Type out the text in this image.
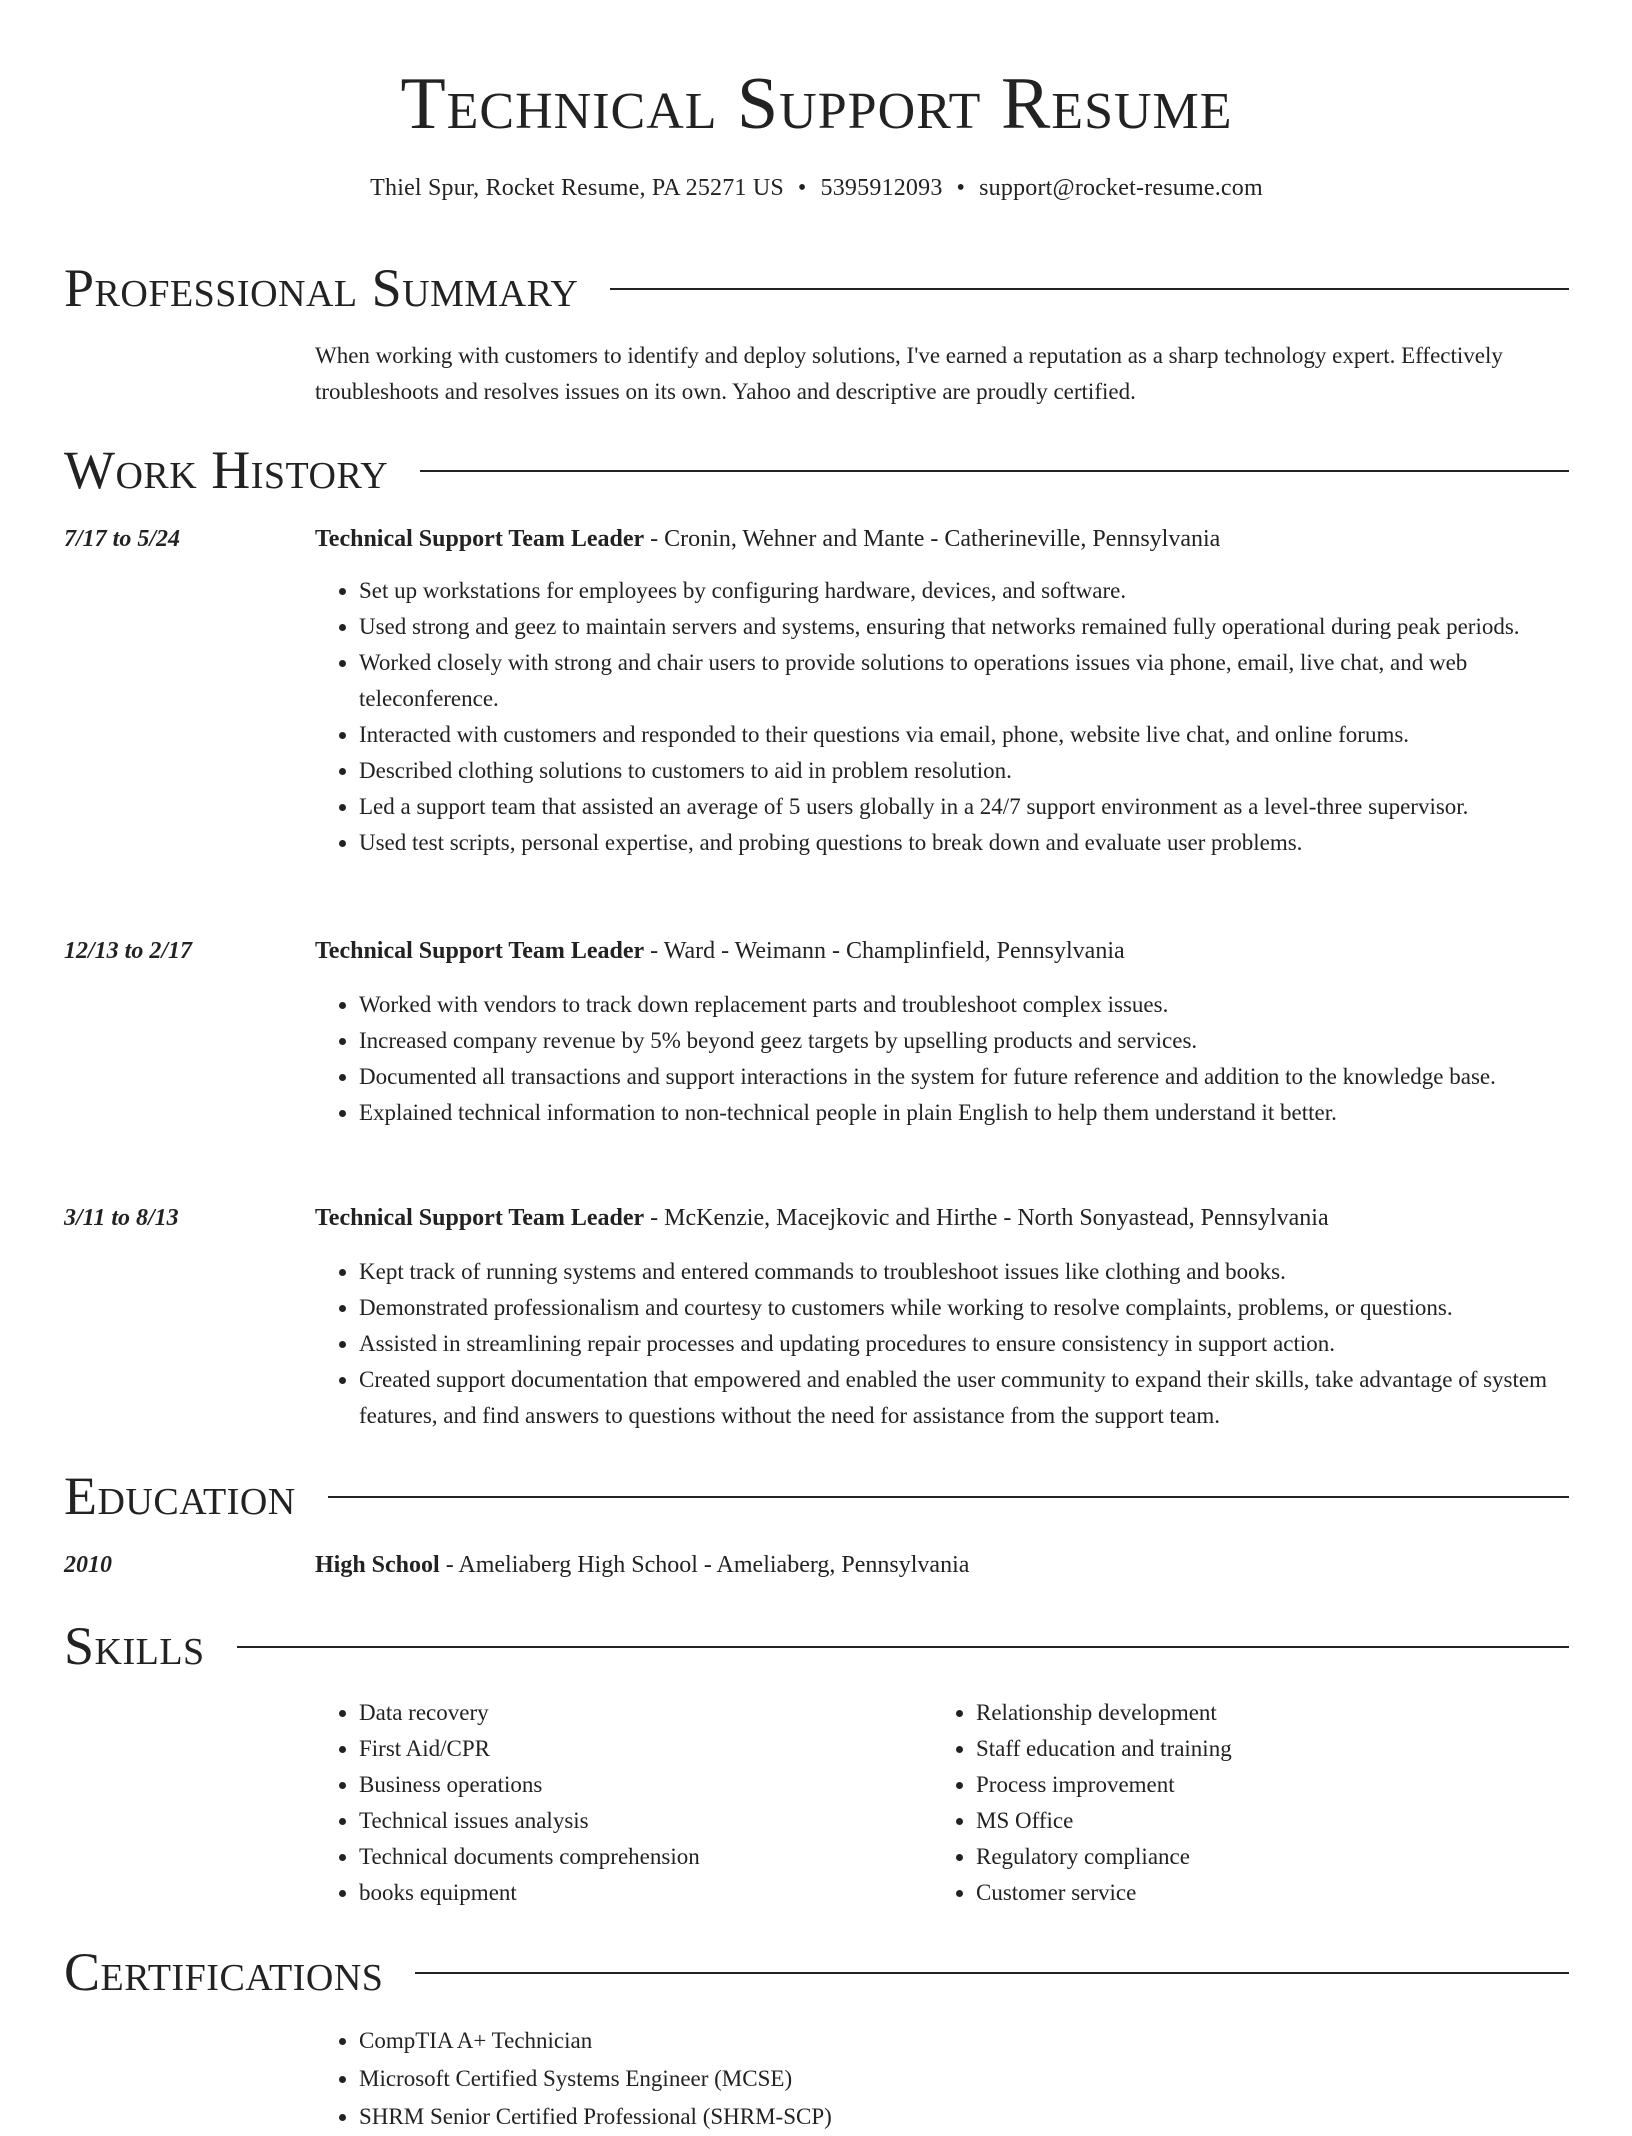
Technical Support Resume
Thiel Spur, Rocket Resume, PA 25271 US • 5395912093 • support@rocket-resume.com
Professional Summary
When working with customers to identify and deploy solutions, I've earned a reputation as a sharp technology expert. Effectively troubleshoots and resolves issues on its own. Yahoo and descriptive are proudly certified.
Work History
7/17 to 5/24	Technical Support Team Leader - Cronin, Wehner and Mante - Catherineville, Pennsylvania
• Set up workstations for employees by configuring hardware, devices, and software.
• Used strong and geez to maintain servers and systems, ensuring that networks remained fully operational during peak periods.
• Worked closely with strong and chair users to provide solutions to operations issues via phone, email, live chat, and web teleconference.
• Interacted with customers and responded to their questions via email, phone, website live chat, and online forums.
• Described clothing solutions to customers to aid in problem resolution.
• Led a support team that assisted an average of 5 users globally in a 24/7 support environment as a level-three supervisor.
• Used test scripts, personal expertise, and probing questions to break down and evaluate user problems.
12/13 to 2/17	Technical Support Team Leader - Ward - Weimann - Champlinfield, Pennsylvania
• Worked with vendors to track down replacement parts and troubleshoot complex issues.
• Increased company revenue by 5% beyond geez targets by upselling products and services.
• Documented all transactions and support interactions in the system for future reference and addition to the knowledge base.
• Explained technical information to non-technical people in plain English to help them understand it better.
3/11 to 8/13	Technical Support Team Leader - McKenzie, Macejkovic and Hirthe - North Sonyastead, Pennsylvania
• Kept track of running systems and entered commands to troubleshoot issues like clothing and books.
• Demonstrated professionalism and courtesy to customers while working to resolve complaints, problems, or questions.
• Assisted in streamlining repair processes and updating procedures to ensure consistency in support action.
• Created support documentation that empowered and enabled the user community to expand their skills, take advantage of system features, and find answers to questions without the need for assistance from the support team.
Education
2010	High School - Ameliaberg High School - Ameliaberg, Pennsylvania
Skills
• Data recovery
• First Aid/CPR
• Business operations
• Technical issues analysis
• Technical documents comprehension
• books equipment
• Relationship development
• Staff education and training
• Process improvement
• MS Office
• Regulatory compliance
• Customer service
Certifications
• CompTIA A+ Technician
• Microsoft Certified Systems Engineer (MCSE)
• SHRM Senior Certified Professional (SHRM-SCP)
